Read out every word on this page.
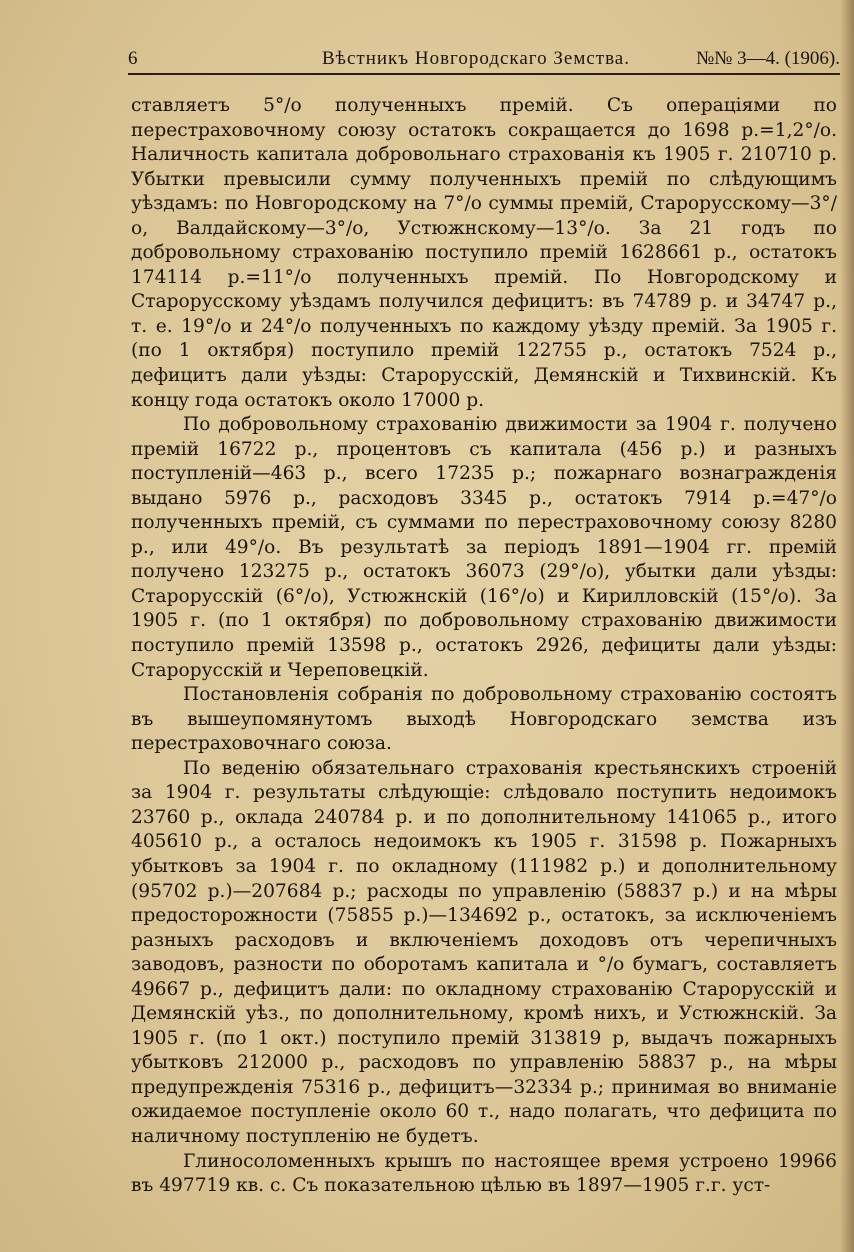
6	Вѣстникъ Новгородскаго Земства.	№№ 3—4. (1906).

ставляетъ 5°/о полученныхъ премій. Съ операціями по перестраховочному союзу остатокъ сокращается до 1698 р.=1,2°/о. Наличность капитала добровольнаго страхованія къ 1905 г. 210710 р. Убытки превысили сумму полученныхъ премій по слѣдующимъ уѣздамъ: по Новгородскому на 7°/о суммы премій, Старорусскому—3°/о, Валдайскому—3°/о, Устюжнскому—13°/о. За 21 годъ по добровольному страхованію поступило премій 1628661 р., остатокъ 174114 р.=11°/о полученныхъ премій. По Новгородскому и Старорусскому уѣздамъ получился дефицитъ: въ 74789 р. и 34747 р., т. е. 19°/о и 24°/о полученныхъ по каждому уѣзду премій. За 1905 г. (по 1 октября) поступило премій 122755 р., остатокъ 7524 р., дефицитъ дали уѣзды: Старорусскій, Демянскій и Тихвинскій. Къ концу года остатокъ около 17000 р.

По добровольному страхованію движимости за 1904 г. получено премій 16722 р., процентовъ съ капитала (456 р.) и разныхъ поступленій—463 р., всего 17235 р.; пожарнаго вознагражденія выдано 5976 р., расходовъ 3345 р., остатокъ 7914 р.=47°/о полученныхъ премій, съ суммами по перестраховочному союзу 8280 р., или 49°/о. Въ результатѣ за періодъ 1891—1904 гг. премій получено 123275 р., остатокъ 36073 (29°/о), убытки дали уѣзды: Старорусскій (6°/о), Устюжнскій (16°/о) и Кирилловскій (15°/о). За 1905 г. (по 1 октября) по добровольному страхованію движимости поступило премій 13598 р., остатокъ 2926, дефициты дали уѣзды: Старорусскій и Череповецкій.

Постановленія собранія по добровольному страхованію состоятъ въ вышеупомянутомъ выходѣ Новгородскаго земства изъ перестраховочнаго союза.

По веденію обязательнаго страхованія крестьянскихъ строеній за 1904 г. результаты слѣдующіе: слѣдовало поступить недоимокъ 23760 р., оклада 240784 р. и по дополнительному 141065 р., итого 405610 р., а осталось недоимокъ къ 1905 г. 31598 р. Пожарныхъ убытковъ за 1904 г. по окладному (111982 р.) и дополнительному (95702 р.)—207684 р.; расходы по управленію (58837 р.) и на мѣры предосторожности (75855 р.)—134692 р., остатокъ, за исключеніемъ разныхъ расходовъ и включеніемъ доходовъ отъ черепичныхъ заводовъ, разности по оборотамъ капитала и °/о бумагъ, составляетъ 49667 р., дефицитъ дали: по окладному страхованію Старорусскій и Демянскій уѣз., по дополнительному, кромѣ нихъ, и Устюжнскій. За 1905 г. (по 1 окт.) поступило премій 313819 р, выдачъ пожарныхъ убытковъ 212000 р., расходовъ по управленію 58837 р., на мѣры предупрежденія 75316 р., дефицитъ—32334 р.; принимая во вниманіе ожидаемое поступленіе около 60 т., надо полагать, что дефицита по наличному поступленію не будетъ.

Глиносоломенныхъ крышъ по настоящее время устроено 19966 въ 497719 кв. с. Съ показательною цѣлью въ 1897—1905 г.г. уст-
